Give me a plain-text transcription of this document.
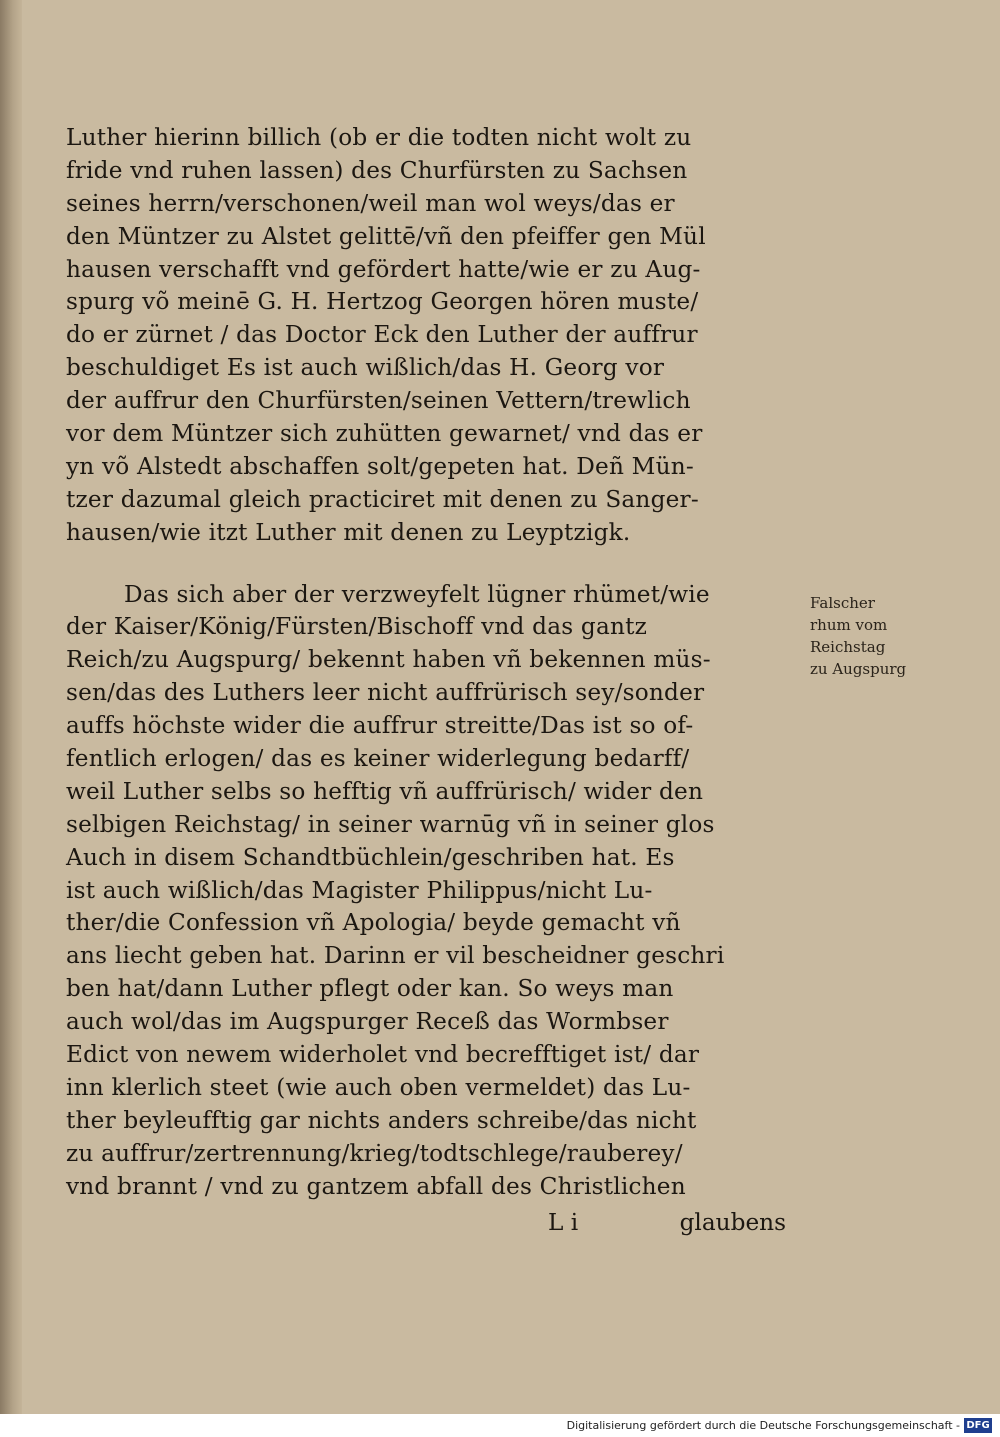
Luther hierinn billich (ob er die todten nicht wolt zu
fride vnd ruhen lassen) des Churfürsten zu Sachsen
seines herrn/verschonen/weil man wol weys/das er
den Müntzer zu Alstet gelittē/vñ den pfeiffer gen Mül
hausen verschafft vnd gefördert hatte/wie er zu Aug-
spurg võ meinē G. H. Hertzog Georgen hören muste/
do er zürnet / das Doctor Eck den Luther der auffrur
beschuldiget Es ist auch wißlich/das H. Georg vor
der auffrur den Churfürsten/seinen Vettern/trewlich
vor dem Müntzer sich zuhütten gewarnet/ vnd das er
yn võ Alstedt abschaffen solt/gepeten hat. Deñ Mün-
tzer dazumal gleich practiciret mit denen zu Sanger-
hausen/wie itzt Luther mit denen zu Leyptzigk.
Das sich aber der verzweyfelt lügner rhümet/wie
der Kaiser/König/Fürsten/Bischoff vnd das gantz
Reich/zu Augspurg/ bekennt haben vñ bekennen müs-
sen/das des Luthers leer nicht auffrürisch sey/sonder
auffs höchste wider die auffrur streitte/Das ist so of-
fentlich erlogen/ das es keiner widerlegung bedarff/
weil Luther selbs so hefftig vñ auffrürisch/ wider den
selbigen Reichstag/ in seiner warnūg vñ in seiner glos
Auch in disem Schandtbüchlein/geschriben hat. Es
ist auch wißlich/das Magister Philippus/nicht Lu-
ther/die Confession vñ Apologia/ beyde gemacht vñ
ans liecht geben hat. Darinn er vil bescheidner geschri
ben hat/dann Luther pflegt oder kan. So weys man
auch wol/das im Augspurger Receß das Wormbser
Edict von newem widerholet vnd becrefftiget ist/ dar
inn klerlich steet (wie auch oben vermeldet) das Lu-
ther beyleufftig gar nichts anders schreibe/das nicht
zu auffrur/zertrennung/krieg/todtschlege/rauberey/
vnd brannt / vnd zu gantzem abfall des Christlichen
L i	glaubens
Falscher
rhum vom
Reichstag
zu Augspurg
Digitalisierung gefördert durch die Deutsche Forschungsgemeinschaft - DFG
